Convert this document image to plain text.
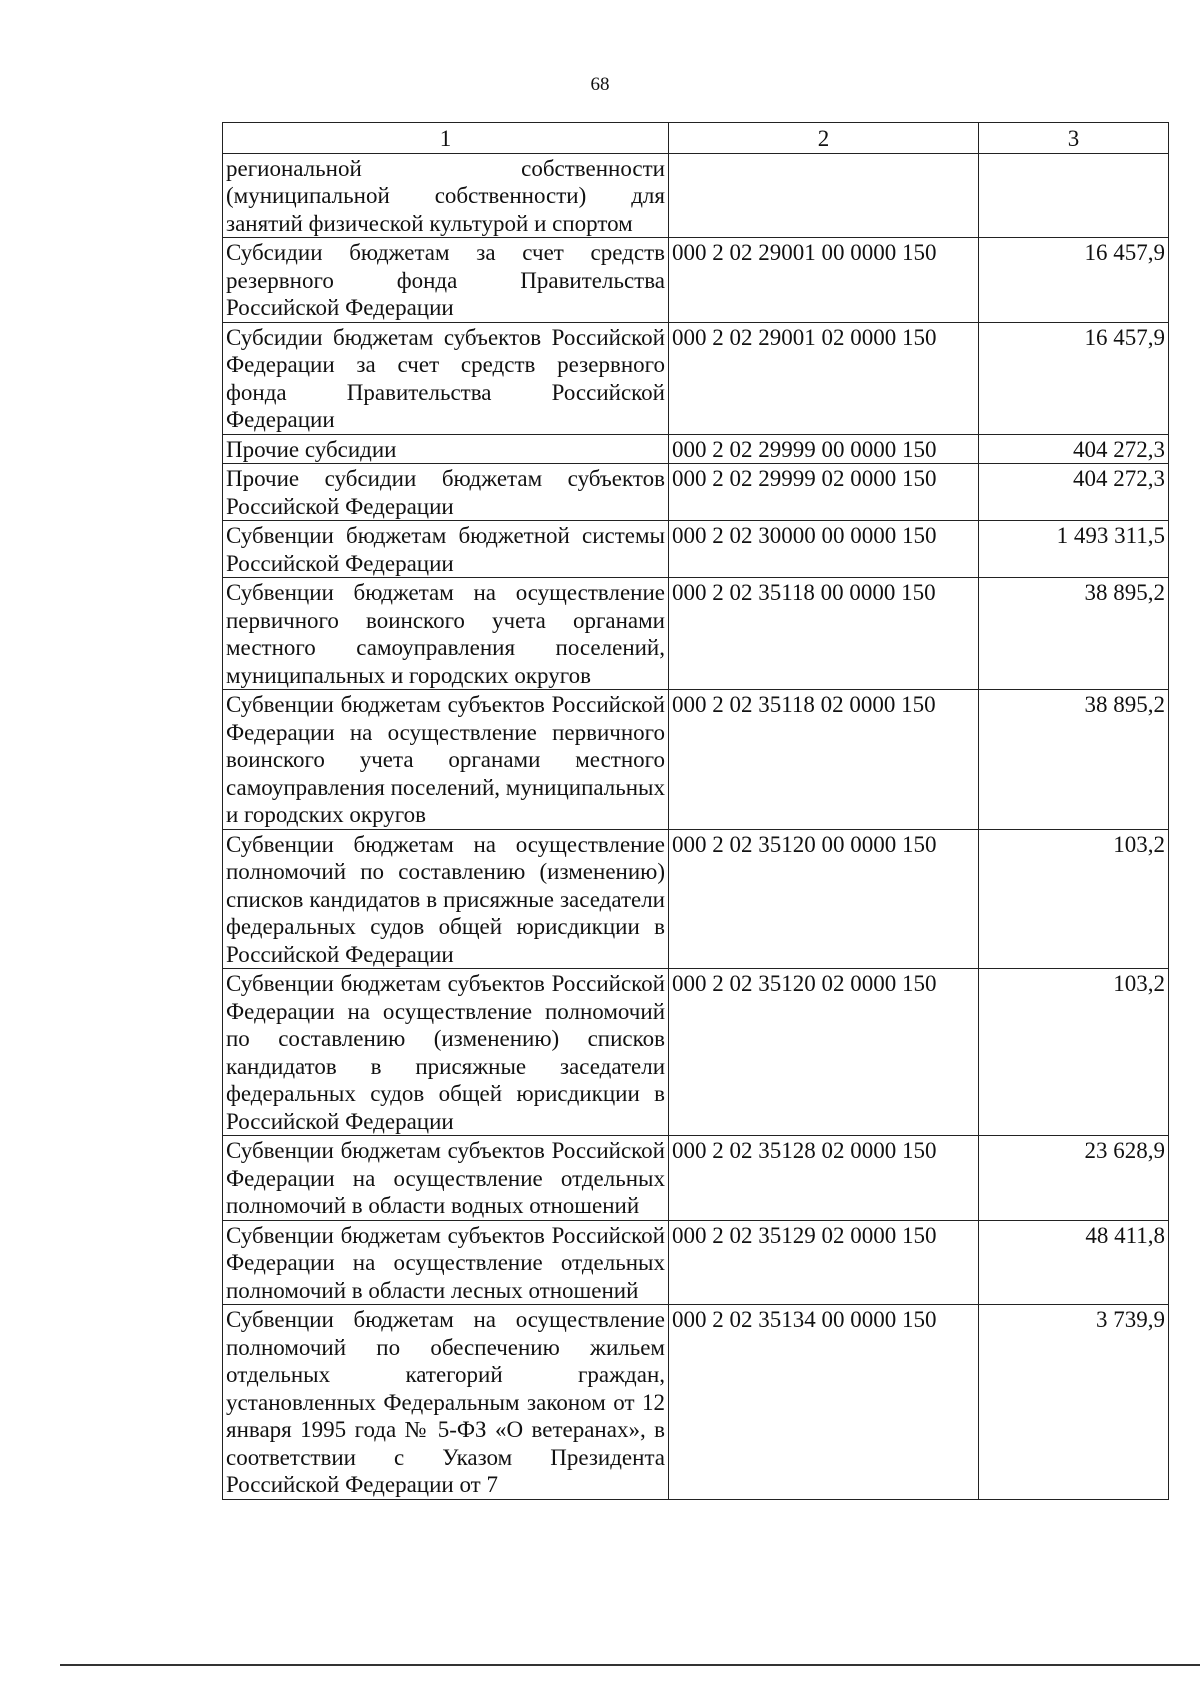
68
1	2	3
региональной собственности (муниципальной собственности) для занятий физической культурой и спортом		
Субсидии бюджетам за счет средств резервного фонда Правительства Российской Федерации	000 2 02 29001 00 0000 150	16 457,9
Субсидии бюджетам субъектов Российской Федерации за счет средств резервного фонда Правительства Российской Федерации	000 2 02 29001 02 0000 150	16 457,9
Прочие субсидии	000 2 02 29999 00 0000 150	404 272,3
Прочие субсидии бюджетам субъектов Российской Федерации	000 2 02 29999 02 0000 150	404 272,3
Субвенции бюджетам бюджетной системы Российской Федерации	000 2 02 30000 00 0000 150	1 493 311,5
Субвенции бюджетам на осуществление первичного воинского учета органами местного самоуправления поселений, муниципальных и городских округов	000 2 02 35118 00 0000 150	38 895,2
Субвенции бюджетам субъектов Российской Федерации на осуществление первичного воинского учета органами местного самоуправления поселений, муниципальных и городских округов	000 2 02 35118 02 0000 150	38 895,2
Субвенции бюджетам на осуществление полномочий по составлению (изменению) списков кандидатов в присяжные заседатели федеральных судов общей юрисдикции в Российской Федерации	000 2 02 35120 00 0000 150	103,2
Субвенции бюджетам субъектов Российской Федерации на осуществление полномочий по составлению (изменению) списков кандидатов в присяжные заседатели федеральных судов общей юрисдикции в Российской Федерации	000 2 02 35120 02 0000 150	103,2
Субвенции бюджетам субъектов Российской Федерации на осуществление отдельных полномочий в области водных отношений	000 2 02 35128 02 0000 150	23 628,9
Субвенции бюджетам субъектов Российской Федерации на осуществление отдельных полномочий в области лесных отношений	000 2 02 35129 02 0000 150	48 411,8
Субвенции бюджетам на осуществление полномочий по обеспечению жильем отдельных категорий граждан, установленных Федеральным законом от 12 января 1995 года № 5-ФЗ «О ветеранах», в соответствии с Указом Президента Российской Федерации от 7	000 2 02 35134 00 0000 150	3 739,9
